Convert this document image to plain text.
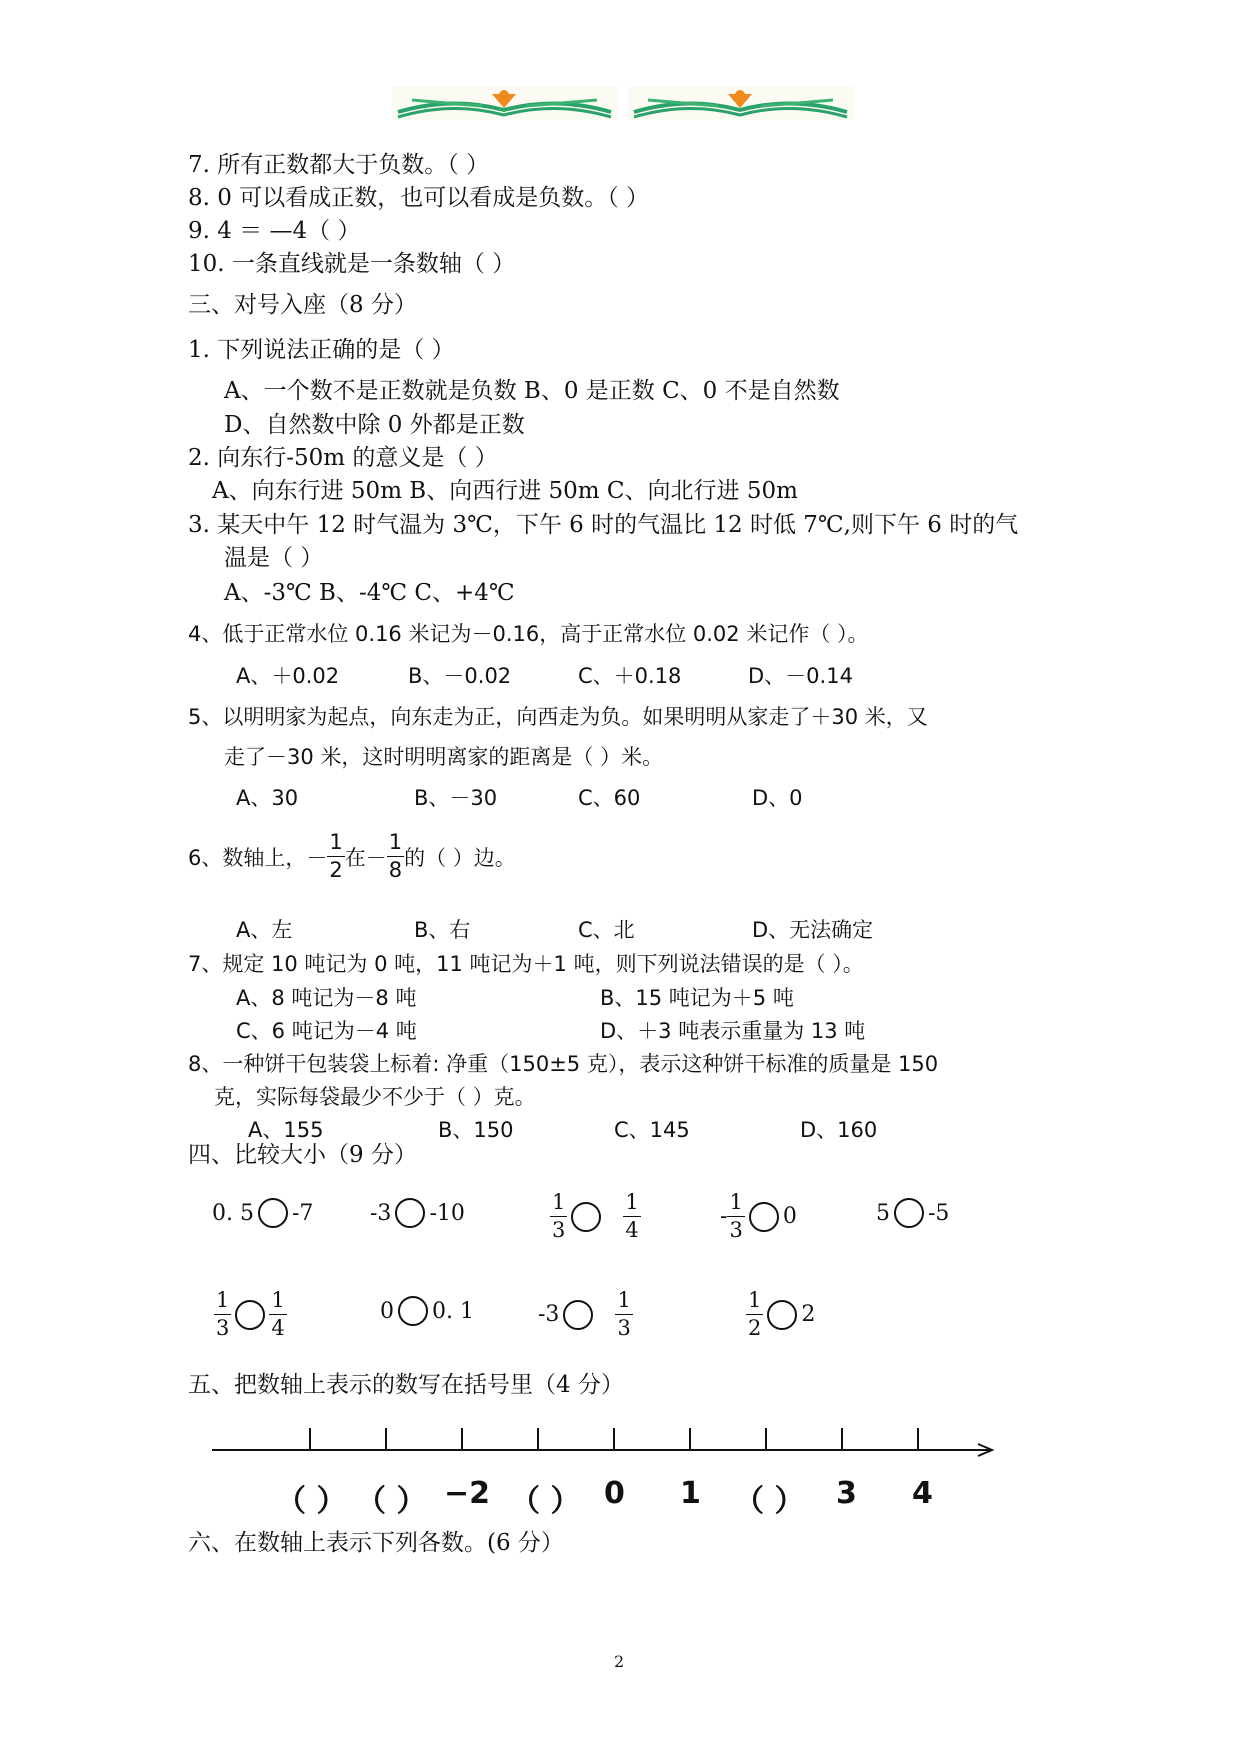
7. 所有正数都大于负数。（ ）
8. 0 可以看成正数，也可以看成是负数。（ ）
9. 4 ＝ —4（ ）
10. 一条直线就是一条数轴（ ）
三、对号入座（8 分）
1. 下列说法正确的是（ ）
A、一个数不是正数就是负数 B、0 是正数 C、0 不是自然数
D、自然数中除 0 外都是正数
2. 向东行-50m 的意义是（ ）
A、向东行进 50m B、向西行进 50m C、向北行进 50m
3. 某天中午 12 时气温为 3℃，下午 6 时的气温比 12 时低 7℃,则下午 6 时的气
温是（ ）
A、-3℃ B、-4℃ C、+4℃
4、低于正常水位 0.16 米记为－0.16，高于正常水位 0.02 米记作（ ）。
A、＋0.02	B、－0.02	C、＋0.18	D、－0.14
5、以明明家为起点，向东走为正，向西走为负。如果明明从家走了＋30 米，又
走了－30 米，这时明明离家的距离是（ ）米。
A、30	B、－30	C、60	D、0
6、数轴上，－ $\frac{1}{2}$ 在－ $\frac{1}{8}$ 的（ ）边。
A、左	B、右	C、北	D、无法确定
7、规定 10 吨记为 0 吨，11 吨记为＋1 吨，则下列说法错误的是（ ）。
A、8 吨记为－8 吨	B、15 吨记为＋5 吨
C、6 吨记为－4 吨	D、＋3 吨表示重量为 13 吨
8、一种饼干包装袋上标着: 净重（150±5 克），表示这种饼干标准的质量是 150
克，实际每袋最少不少于（ ）克。
A、155	B、150	C、145	D、160
四、比较大小（9 分）
0. 5 -7	-3 -10	$\frac{1}{3}$	$\frac{1}{4}$	- $\frac{1}{3} 0$	5 -5
$\frac{1}{3} \frac{1}{4}$	0 0. 1	-3	$\frac{1}{3}$	$\frac{1}{2} 2$
五、把数轴上表示的数写在括号里（4 分）
（ ） （ ） −2 （ ） 0 1 （ ） 3 4
六、在数轴上表示下列各数。(6 分）
2
